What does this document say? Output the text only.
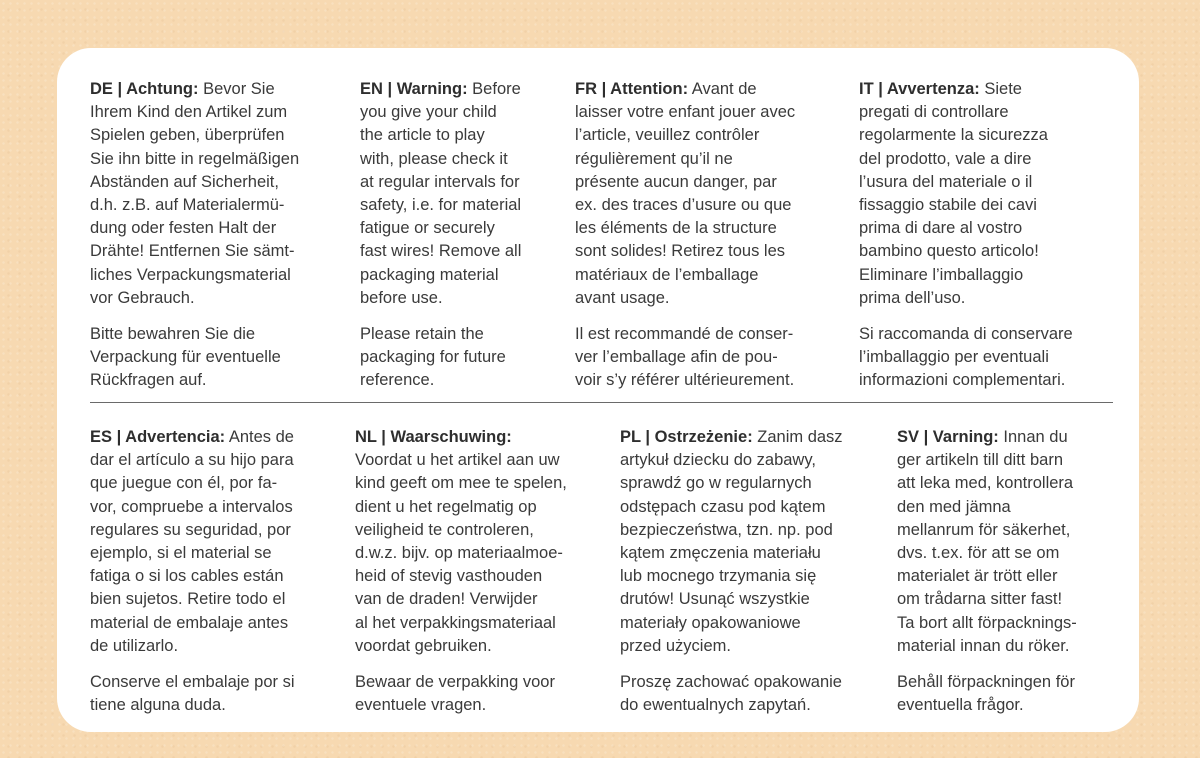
DE | Achtung: Bevor Sie
Ihrem Kind den Artikel zum
Spielen geben, überprüfen
Sie ihn bitte in regelmäßigen
Abständen auf Sicherheit,
d.h. z.B. auf Materialermü-
dung oder festen Halt der
Drähte! Entfernen Sie sämt-
liches Verpackungsmaterial
vor Gebrauch.
Bitte bewahren Sie die
Verpackung für eventuelle
Rückfragen auf.
EN | Warning: Before
you give your child
the article to play
with, please check it
at regular intervals for
safety, i.e. for material
fatigue or securely
fast wires! Remove all
packaging material
before use.
Please retain the
packaging for future
reference.
FR | Attention: Avant de
laisser votre enfant jouer avec
l’article, veuillez contrôler
régulièrement qu’il ne
présente aucun danger, par
ex. des traces d’usure ou que
les éléments de la structure
sont solides! Retirez tous les
matériaux de l’emballage
avant usage.
Il est recommandé de conser-
ver l’emballage afin de pou-
voir s’y référer ultérieurement.
IT | Avvertenza: Siete
pregati di controllare
regolarmente la sicurezza
del prodotto, vale a dire
l’usura del materiale o il
fissaggio stabile dei cavi
prima di dare al vostro
bambino questo articolo!
Eliminare l’imballaggio
prima dell’uso.
Si raccomanda di conservare
l’imballaggio per eventuali
informazioni complementari.
ES | Advertencia: Antes de
dar el artículo a su hijo para
que juegue con él, por fa-
vor, compruebe a intervalos
regulares su seguridad, por
ejemplo, si el material se
fatiga o si los cables están
bien sujetos. Retire todo el
material de embalaje antes
de utilizarlo.
Conserve el embalaje por si
tiene alguna duda.
NL | Waarschuwing:
Voordat u het artikel aan uw
kind geeft om mee te spelen,
dient u het regelmatig op
veiligheid te controleren,
d.w.z. bijv. op materiaalmoe-
heid of stevig vasthouden
van de draden! Verwijder
al het verpakkingsmateriaal
voordat gebruiken.
Bewaar de verpakking voor
eventuele vragen.
PL | Ostrzeżenie: Zanim dasz
artykuł dziecku do zabawy,
sprawdź go w regularnych
odstępach czasu pod kątem
bezpieczeństwa, tzn. np. pod
kątem zmęczenia materiału
lub mocnego trzymania się
drutów! Usunąć wszystkie
materiały opakowaniowe
przed użyciem.
Proszę zachować opakowanie
do ewentualnych zapytań.
SV | Varning: Innan du
ger artikeln till ditt barn
att leka med, kontrollera
den med jämna
mellanrum för säkerhet,
dvs. t.ex. för att se om
materialet är trött eller
om trådarna sitter fast!
Ta bort allt förpacknings-
material innan du röker.
Behåll förpackningen för
eventuella frågor.
